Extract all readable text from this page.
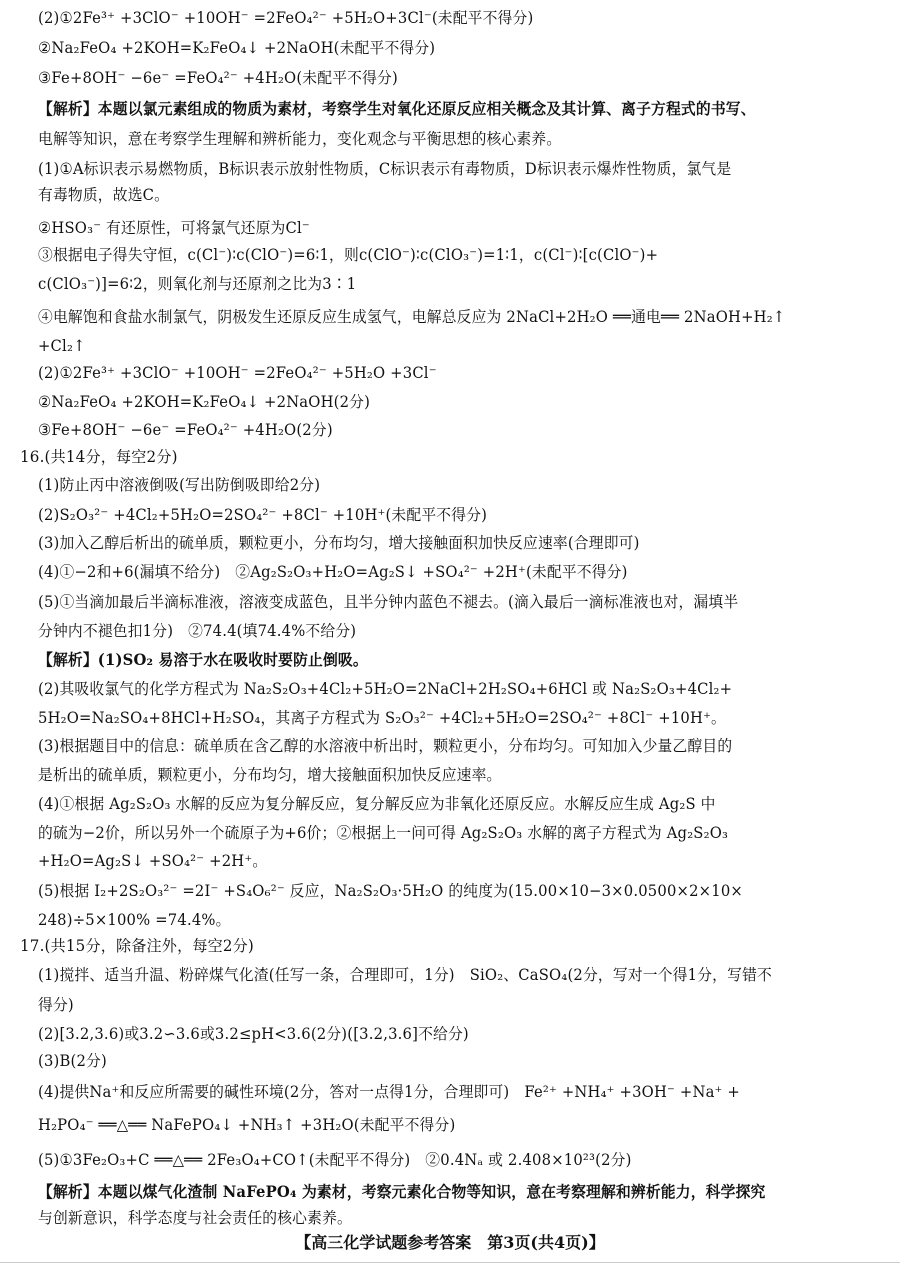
(2)①2Fe³⁺ +3ClO⁻ +10OH⁻ =2FeO₄²⁻ +5H₂O+3Cl⁻(未配平不得分)
②Na₂FeO₄ +2KOH=K₂FeO₄↓ +2NaOH(未配平不得分)
③Fe+8OH⁻ −6e⁻ =FeO₄²⁻ +4H₂O(未配平不得分)
【解析】本题以氯元素组成的物质为素材，考察学生对氧化还原反应相关概念及其计算、离子方程式的书写、
电解等知识，意在考察学生理解和辨析能力，变化观念与平衡思想的核心素养。
(1)①A标识表示易燃物质，B标识表示放射性物质，C标识表示有毒物质，D标识表示爆炸性物质，氯气是
有毒物质，故选C。
②HSO₃⁻ 有还原性，可将氯气还原为Cl⁻
③根据电子得失守恒，c(Cl⁻)∶c(ClO⁻)=6∶1，则c(ClO⁻)∶c(ClO₃⁻)=1∶1，c(Cl⁻)∶[c(ClO⁻)+
c(ClO₃⁻)]=6∶2，则氧化剂与还原剂之比为3∶1
④电解饱和食盐水制氯气，阴极发生还原反应生成氢气，电解总反应为 2NaCl+2H₂O ══通电══ 2NaOH+H₂↑
+Cl₂↑
(2)①2Fe³⁺ +3ClO⁻ +10OH⁻ =2FeO₄²⁻ +5H₂O +3Cl⁻
②Na₂FeO₄ +2KOH=K₂FeO₄↓ +2NaOH(2分)
③Fe+8OH⁻ −6e⁻ =FeO₄²⁻ +4H₂O(2分)
16.(共14分，每空2分)
(1)防止丙中溶液倒吸(写出防倒吸即给2分)
(2)S₂O₃²⁻ +4Cl₂+5H₂O=2SO₄²⁻ +8Cl⁻ +10H⁺(未配平不得分)
(3)加入乙醇后析出的硫单质，颗粒更小，分布均匀，增大接触面积加快反应速率(合理即可)
(4)①−2和+6(漏填不给分)　②Ag₂S₂O₃+H₂O=Ag₂S↓ +SO₄²⁻ +2H⁺(未配平不得分)
(5)①当滴加最后半滴标准液，溶液变成蓝色，且半分钟内蓝色不褪去。(滴入最后一滴标准液也对，漏填半
分钟内不褪色扣1分)　②74.4(填74.4%不给分)
【解析】(1)SO₂ 易溶于水在吸收时要防止倒吸。
(2)其吸收氯气的化学方程式为 Na₂S₂O₃+4Cl₂+5H₂O=2NaCl+2H₂SO₄+6HCl 或 Na₂S₂O₃+4Cl₂+
5H₂O=Na₂SO₄+8HCl+H₂SO₄，其离子方程式为 S₂O₃²⁻ +4Cl₂+5H₂O=2SO₄²⁻ +8Cl⁻ +10H⁺。
(3)根据题目中的信息：硫单质在含乙醇的水溶液中析出时，颗粒更小，分布均匀。可知加入少量乙醇目的
是析出的硫单质，颗粒更小，分布均匀，增大接触面积加快反应速率。
(4)①根据 Ag₂S₂O₃ 水解的反应为复分解反应，复分解反应为非氧化还原反应。水解反应生成 Ag₂S 中
的硫为−2价，所以另外一个硫原子为+6价；②根据上一问可得 Ag₂S₂O₃ 水解的离子方程式为 Ag₂S₂O₃
+H₂O=Ag₂S↓ +SO₄²⁻ +2H⁺。
(5)根据 I₂+2S₂O₃²⁻ =2I⁻ +S₄O₆²⁻ 反应，Na₂S₂O₃·5H₂O 的纯度为(15.00×10−3×0.0500×2×10×
248)÷5×100% =74.4%。
17.(共15分，除备注外，每空2分)
(1)搅拌、适当升温、粉碎煤气化渣(任写一条，合理即可，1分)　SiO₂、CaSO₄(2分，写对一个得1分，写错不
得分)
(2)[3.2,3.6)或3.2∽3.6或3.2≤pH<3.6(2分)([3.2,3.6]不给分)
(3)B(2分)
(4)提供Na⁺和反应所需要的碱性环境(2分，答对一点得1分，合理即可)　Fe²⁺ +NH₄⁺ +3OH⁻ +Na⁺ +
H₂PO₄⁻ ══△══ NaFePO₄↓ +NH₃↑ +3H₂O(未配平不得分)
(5)①3Fe₂O₃+C ══△══ 2Fe₃O₄+CO↑(未配平不得分)　②0.4Nₐ 或 2.408×10²³(2分)
【解析】本题以煤气化渣制 NaFePO₄ 为素材，考察元素化合物等知识，意在考察理解和辨析能力，科学探究
与创新意识，科学态度与社会责任的核心素养。
【高三化学试题参考答案　第3页(共4页)】
